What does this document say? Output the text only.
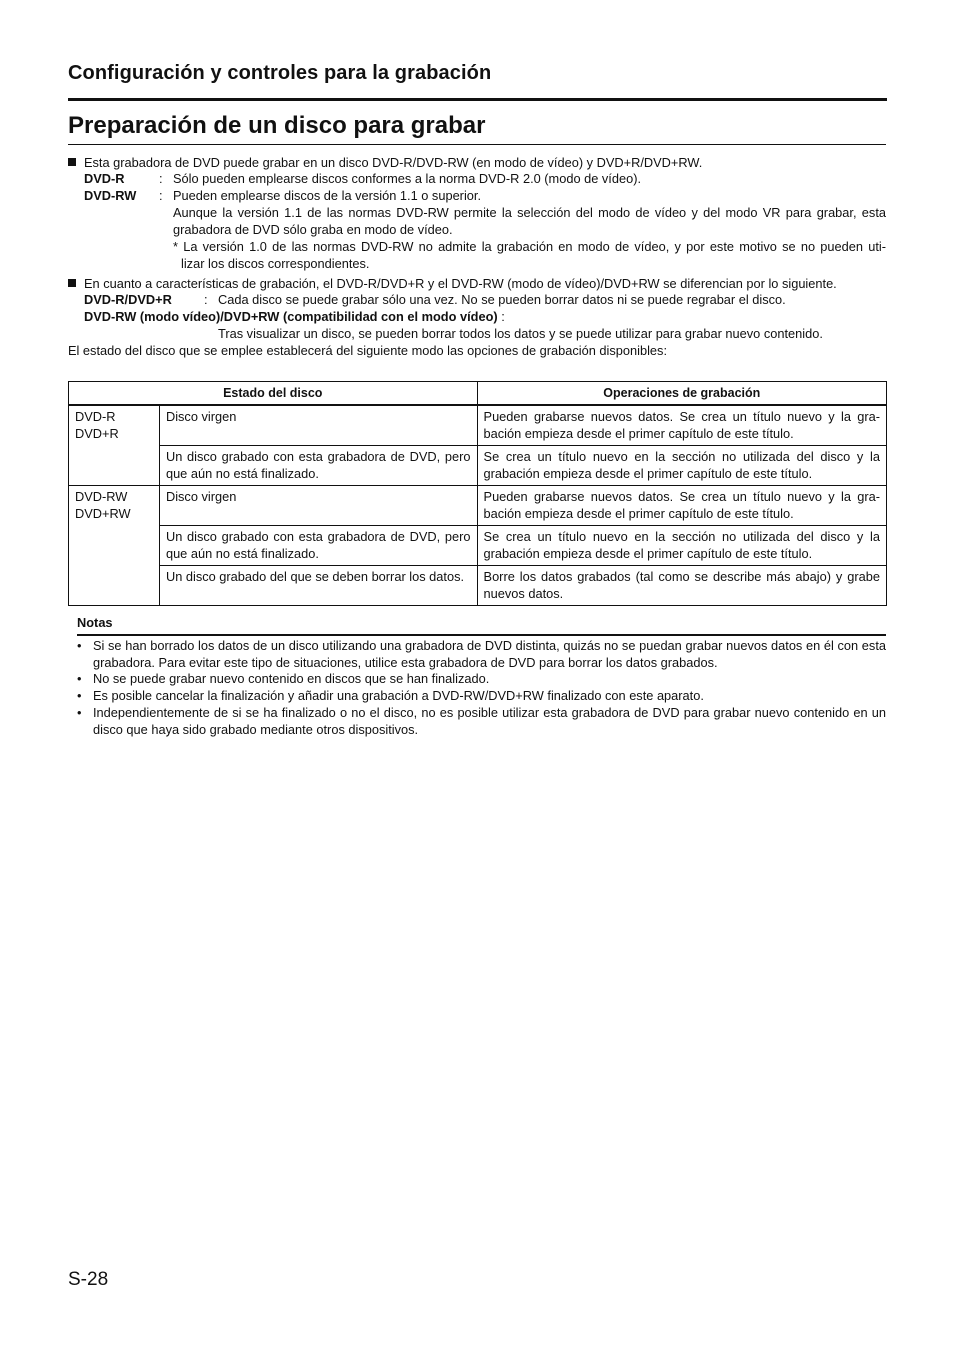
Configuración y controles para la grabación
Preparación de un disco para grabar
Esta grabadora de DVD puede grabar en un disco DVD-R/DVD-RW (en modo de vídeo) y DVD+R/DVD+RW.
DVD-R	: Sólo pueden emplearse discos conformes a la norma DVD-R 2.0 (modo de vídeo).
DVD-RW : Pueden emplearse discos de la versión 1.1 o superior.
Aunque la versión 1.1 de las normas DVD-RW permite la selección del modo de vídeo y del modo VR para grabar, esta grabadora de DVD sólo graba en modo de vídeo.
* La versión 1.0 de las normas DVD-RW no admite la grabación en modo de vídeo, y por este motivo se no pueden uti-
lizar los discos correspondientes.
En cuanto a características de grabación, el DVD-R/DVD+R y el DVD-RW (modo de vídeo)/DVD+RW se diferencian por lo siguiente.
DVD-R/DVD+R	: Cada disco se puede grabar sólo una vez. No se pueden borrar datos ni se puede regrabar el disco.
DVD-RW (modo vídeo)/DVD+RW (compatibilidad con el modo vídeo) :
Tras visualizar un disco, se pueden borrar todos los datos y se puede utilizar para grabar nuevo contenido.
El estado del disco que se emplee establecerá del siguiente modo las opciones de grabación disponibles:
Estado del disco		Operaciones de grabación
DVD-R
DVD+R	Disco virgen	Pueden grabarse nuevos datos. Se crea un título nuevo y la gra-bación empieza desde el primer capítulo de este título.
	Un disco grabado con esta grabadora de DVD, pero que aún no está finalizado.	Se crea un título nuevo en la sección no utilizada del disco y la grabación empieza desde el primer capítulo de este título.
DVD-RW
DVD+RW	Disco virgen	Pueden grabarse nuevos datos. Se crea un título nuevo y la gra-bación empieza desde el primer capítulo de este título.
	Un disco grabado con esta grabadora de DVD, pero que aún no está finalizado.	Se crea un título nuevo en la sección no utilizada del disco y la grabación empieza desde el primer capítulo de este título.
	Un disco grabado del que se deben borrar los datos.	Borre los datos grabados (tal como se describe más abajo) y grabe nuevos datos.
Notas
• Si se han borrado los datos de un disco utilizando una grabadora de DVD distinta, quizás no se puedan grabar nuevos datos en él con esta grabadora. Para evitar este tipo de situaciones, utilice esta grabadora de DVD para borrar los datos grabados.
• No se puede grabar nuevo contenido en discos que se han finalizado.
• Es posible cancelar la finalización y añadir una grabación a DVD-RW/DVD+RW finalizado con este aparato.
• Independientemente de si se ha finalizado o no el disco, no es posible utilizar esta grabadora de DVD para grabar nuevo contenido en un disco que haya sido grabado mediante otros dispositivos.
S-28
